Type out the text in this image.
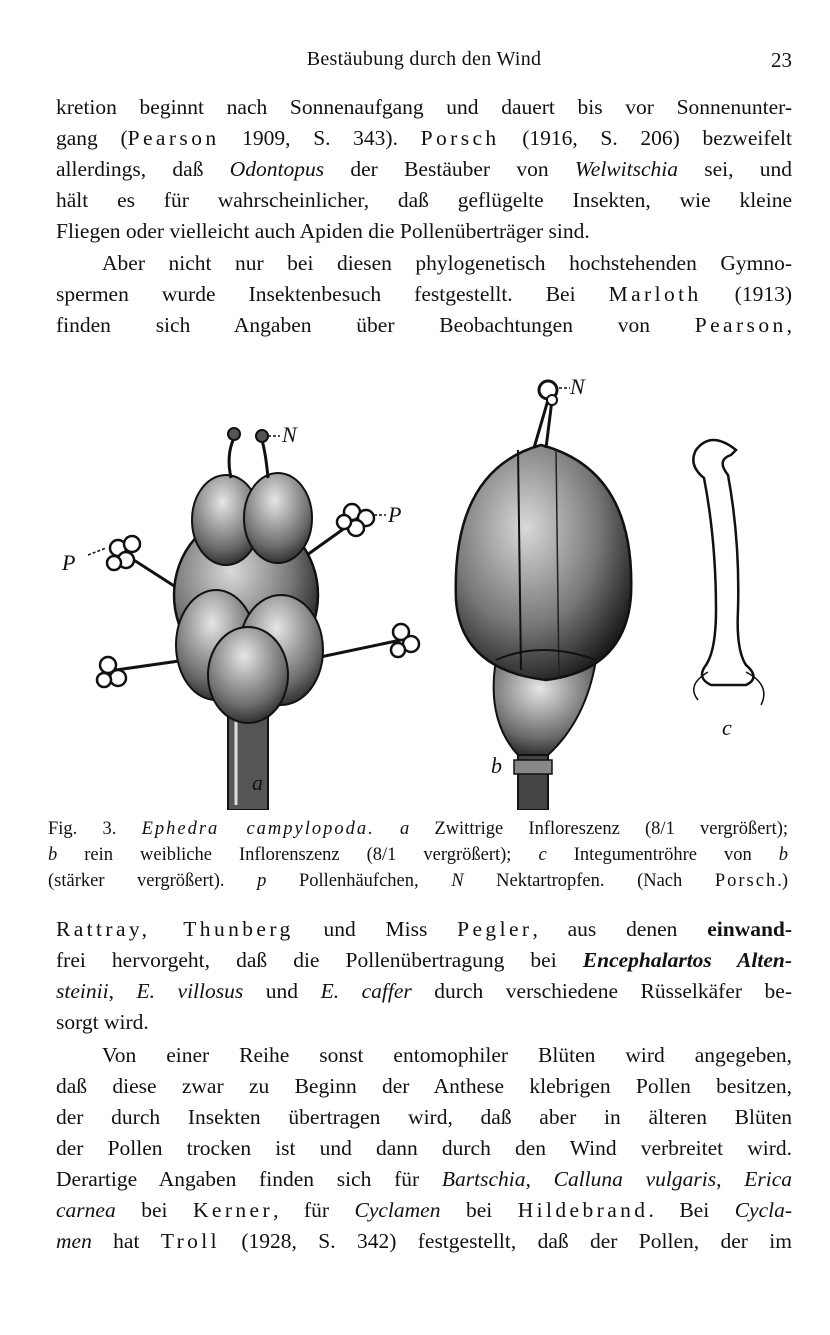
Bestäubung durch den Wind	23
kretion beginnt nach Sonnenaufgang und dauert bis vor Sonnenunter-
gang (Pearson 1909, S. 343). Porsch (1916, S. 206) bezweifelt
allerdings, daß Odontopus der Bestäuber von Welwitschia sei, und
hält es für wahrscheinlicher, daß geflügelte Insekten, wie kleine
Fliegen oder vielleicht auch Apiden die Pollenüberträger sind.
Aber nicht nur bei diesen phylogenetisch hochstehenden Gymno-
spermen wurde Insektenbesuch festgestellt. Bei Marloth (1913)
finden sich Angaben über Beobachtungen von Pearson,
N
P
P
a
N
b
c
Fig. 3. Ephedra campylopoda. a Zwittrige Infloreszenz (8/1 vergrößert);
b rein weibliche Inflorenszenz (8/1 vergrößert); c Integumentröhre von b
(stärker vergrößert). p Pollenhäufchen, N Nektartropfen. (Nach Porsch.)
Rattray, Thunberg und Miss Pegler, aus denen einwand-
frei hervorgeht, daß die Pollenübertragung bei Encephalartos Alten-
steinii, E. villosus und E. caffer durch verschiedene Rüsselkäfer be-
sorgt wird.
Von einer Reihe sonst entomophiler Blüten wird angegeben,
daß diese zwar zu Beginn der Anthese klebrigen Pollen besitzen,
der durch Insekten übertragen wird, daß aber in älteren Blüten
der Pollen trocken ist und dann durch den Wind verbreitet wird.
Derartige Angaben finden sich für Bartschia, Calluna vulgaris, Erica
carnea bei Kerner, für Cyclamen bei Hildebrand. Bei Cycla-
men hat Troll (1928, S. 342) festgestellt, daß der Pollen, der im
